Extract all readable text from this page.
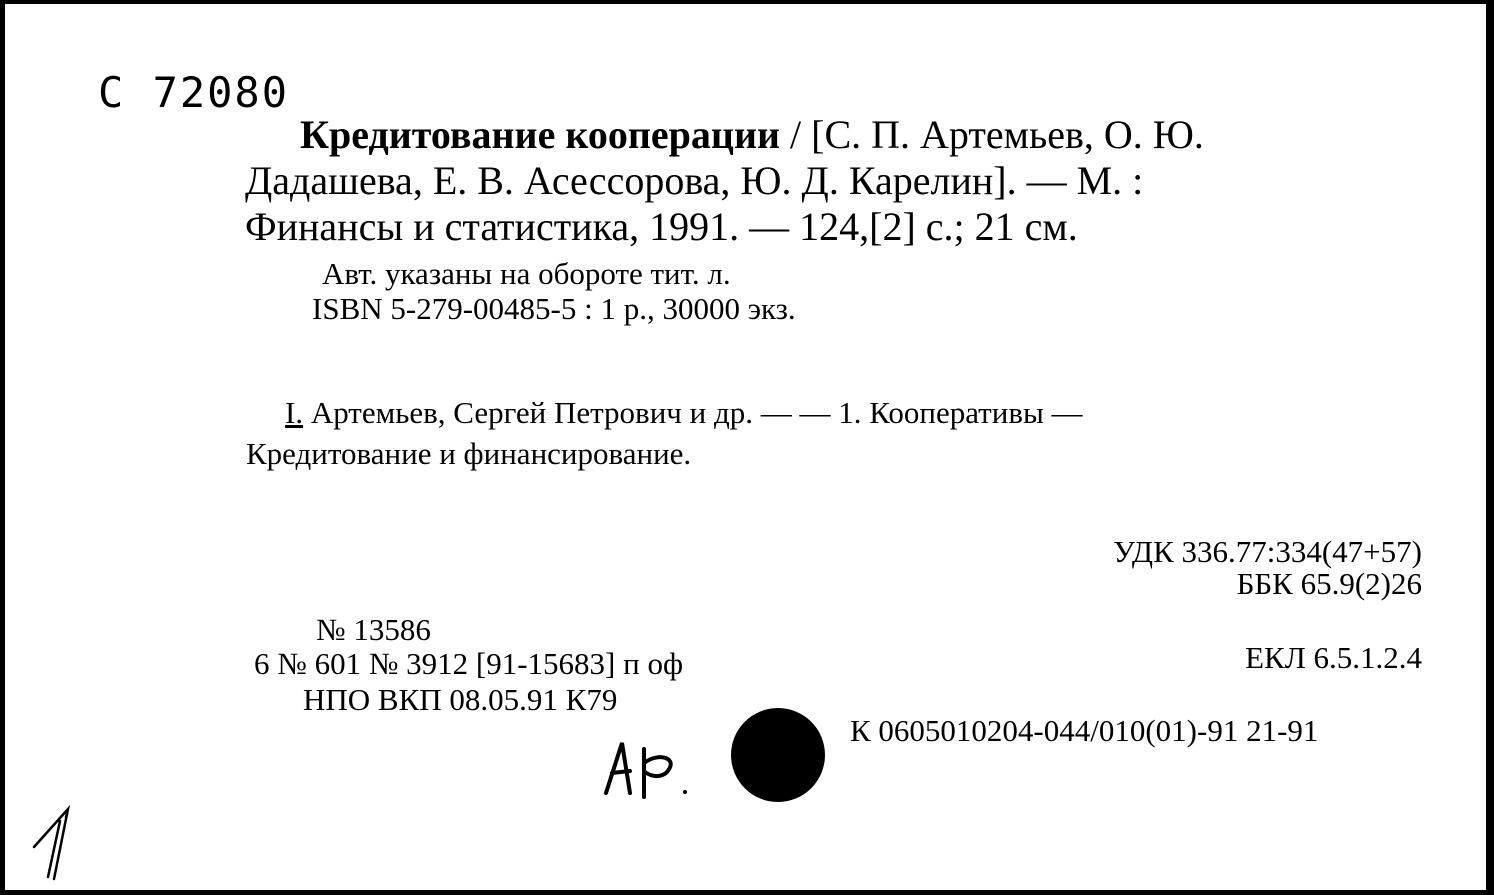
С 72080
Кредитование кооперации / [С. П. Артемьев, О. Ю.
Дадашева, Е. В. Асессорова, Ю. Д. Карелин]. — М. :
Финансы и статистика, 1991. — 124,[2] с.; 21 см.
Авт. указаны на обороте тит. л.
ISBN 5-279-00485-5 : 1 р., 30000 экз.
I. Артемьев, Сергей Петрович и др. — — 1. Кооперативы —
Кредитование и финансирование.
УДК 336.77:334(47+57)
ББК 65.9(2)26
ЕКЛ 6.5.1.2.4
№ 13586
6 № 601 № 3912 [91-15683] п оф
НПО ВКП 08.05.91 К79
К 0605010204-044/010(01)-91 21-91
